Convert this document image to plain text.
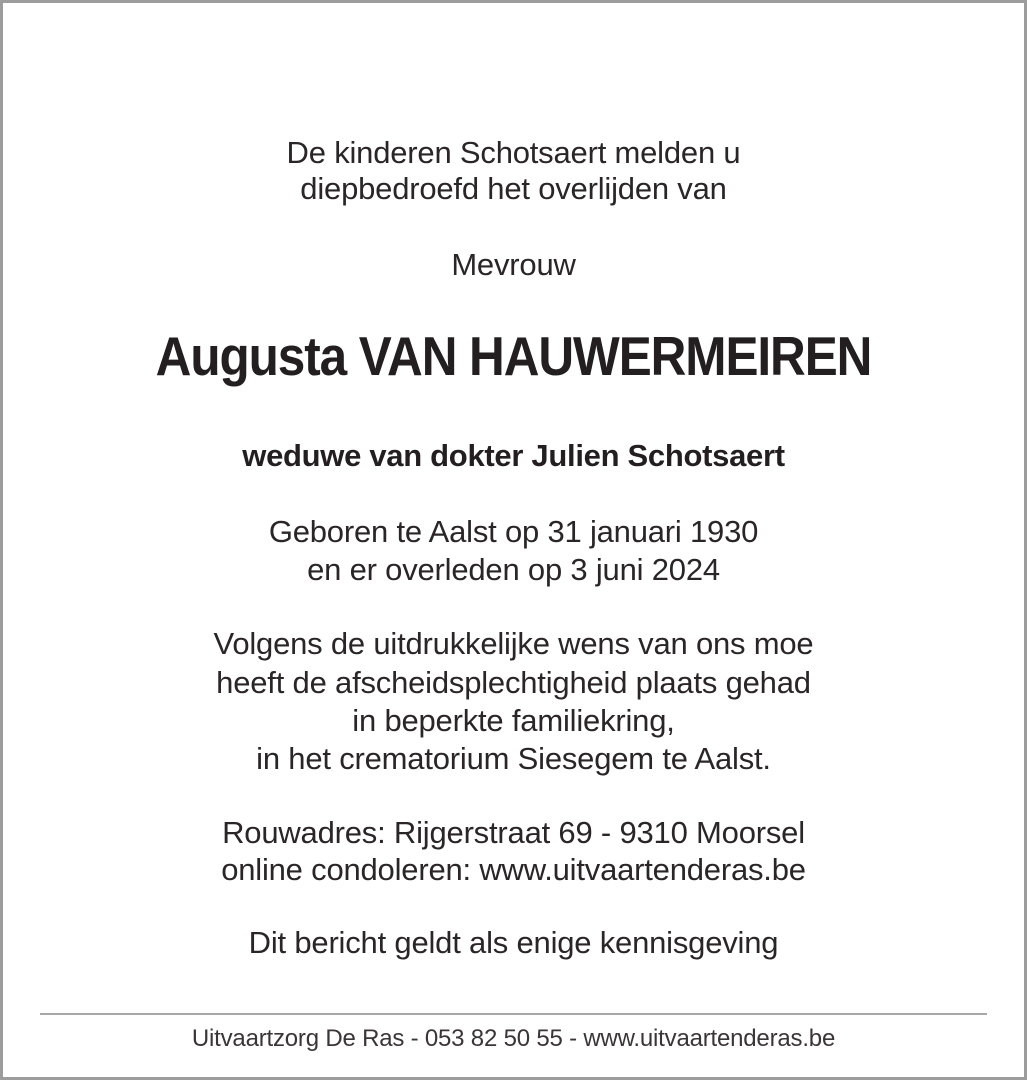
De kinderen Schotsaert melden u
diepbedroefd het overlijden van
Mevrouw
Augusta VAN HAUWERMEIREN
weduwe van dokter Julien Schotsaert
Geboren te Aalst op 31 januari 1930
en er overleden op 3 juni 2024
Volgens de uitdrukkelijke wens van ons moe
heeft de afscheidsplechtigheid plaats gehad
in beperkte familiekring,
in het crematorium Siesegem te Aalst.
Rouwadres: Rijgerstraat 69 - 9310 Moorsel
online condoleren: www.uitvaartenderas.be
Dit bericht geldt als enige kennisgeving
Uitvaartzorg De Ras - 053 82 50 55 - www.uitvaartenderas.be
